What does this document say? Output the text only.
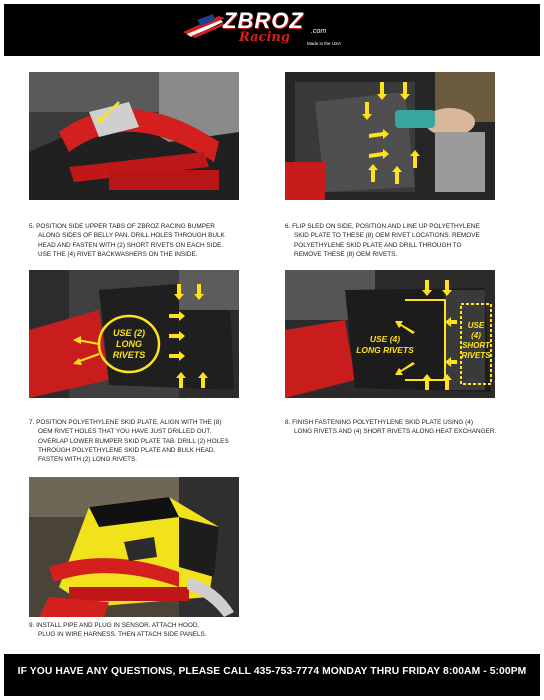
ZBROZ .com
Racing	Made in the USA
5. POSITION SIDE UPPER TABS OF ZBROZ RACING BUMPER
ALONG SIDES OF BELLY PAN. DRILL HOLES THROUGH BULK
HEAD AND FASTEN WITH (2) SHORT RIVETS ON EACH SIDE.
USE THE (4) RIVET BACKWASHERS ON THE INSIDE.
6. FLIP SLED ON SIDE, POSITION AND LINE UP POLYETHYLENE
SKID PLATE TO THESE (8) OEM RIVET LOCATIONS. REMOVE
POLYETHYLENE SKID PLATE AND DRILL THROUGH TO
REMOVE THESE (8) OEM RIVETS.
USE (2)
LONG
RIVETS
USE (4)
LONG RIVETS
USE
(4)
SHORT
RIVETS
7. POSITION POLYETHYLENE SKID PLATE, ALIGN WITH THE (8)
OEM RIVET HOLES THAT YOU HAVE JUST DRILLED OUT.
OVERLAP LOWER BUMPER SKID PLATE TAB. DRILL (2) HOLES
THROUGH POLYETHYLENE SKID PLATE AND BULK HEAD.
FASTEN WITH (2) LONG RIVETS.
8. FINISH FASTENING POLYETHYLENE SKID PLATE USING (4)
LONG RIVETS AND (4) SHORT RIVETS ALONG HEAT EXCHANGER.
9. INSTALL PIPE AND PLUG IN SENSOR. ATTACH HOOD,
PLUG IN WIRE HARNESS. THEN ATTACH SIDE PANELS.
IF YOU HAVE ANY QUESTIONS, PLEASE CALL 435-753-7774 MONDAY THRU FRIDAY 8:00AM - 5:00PM
